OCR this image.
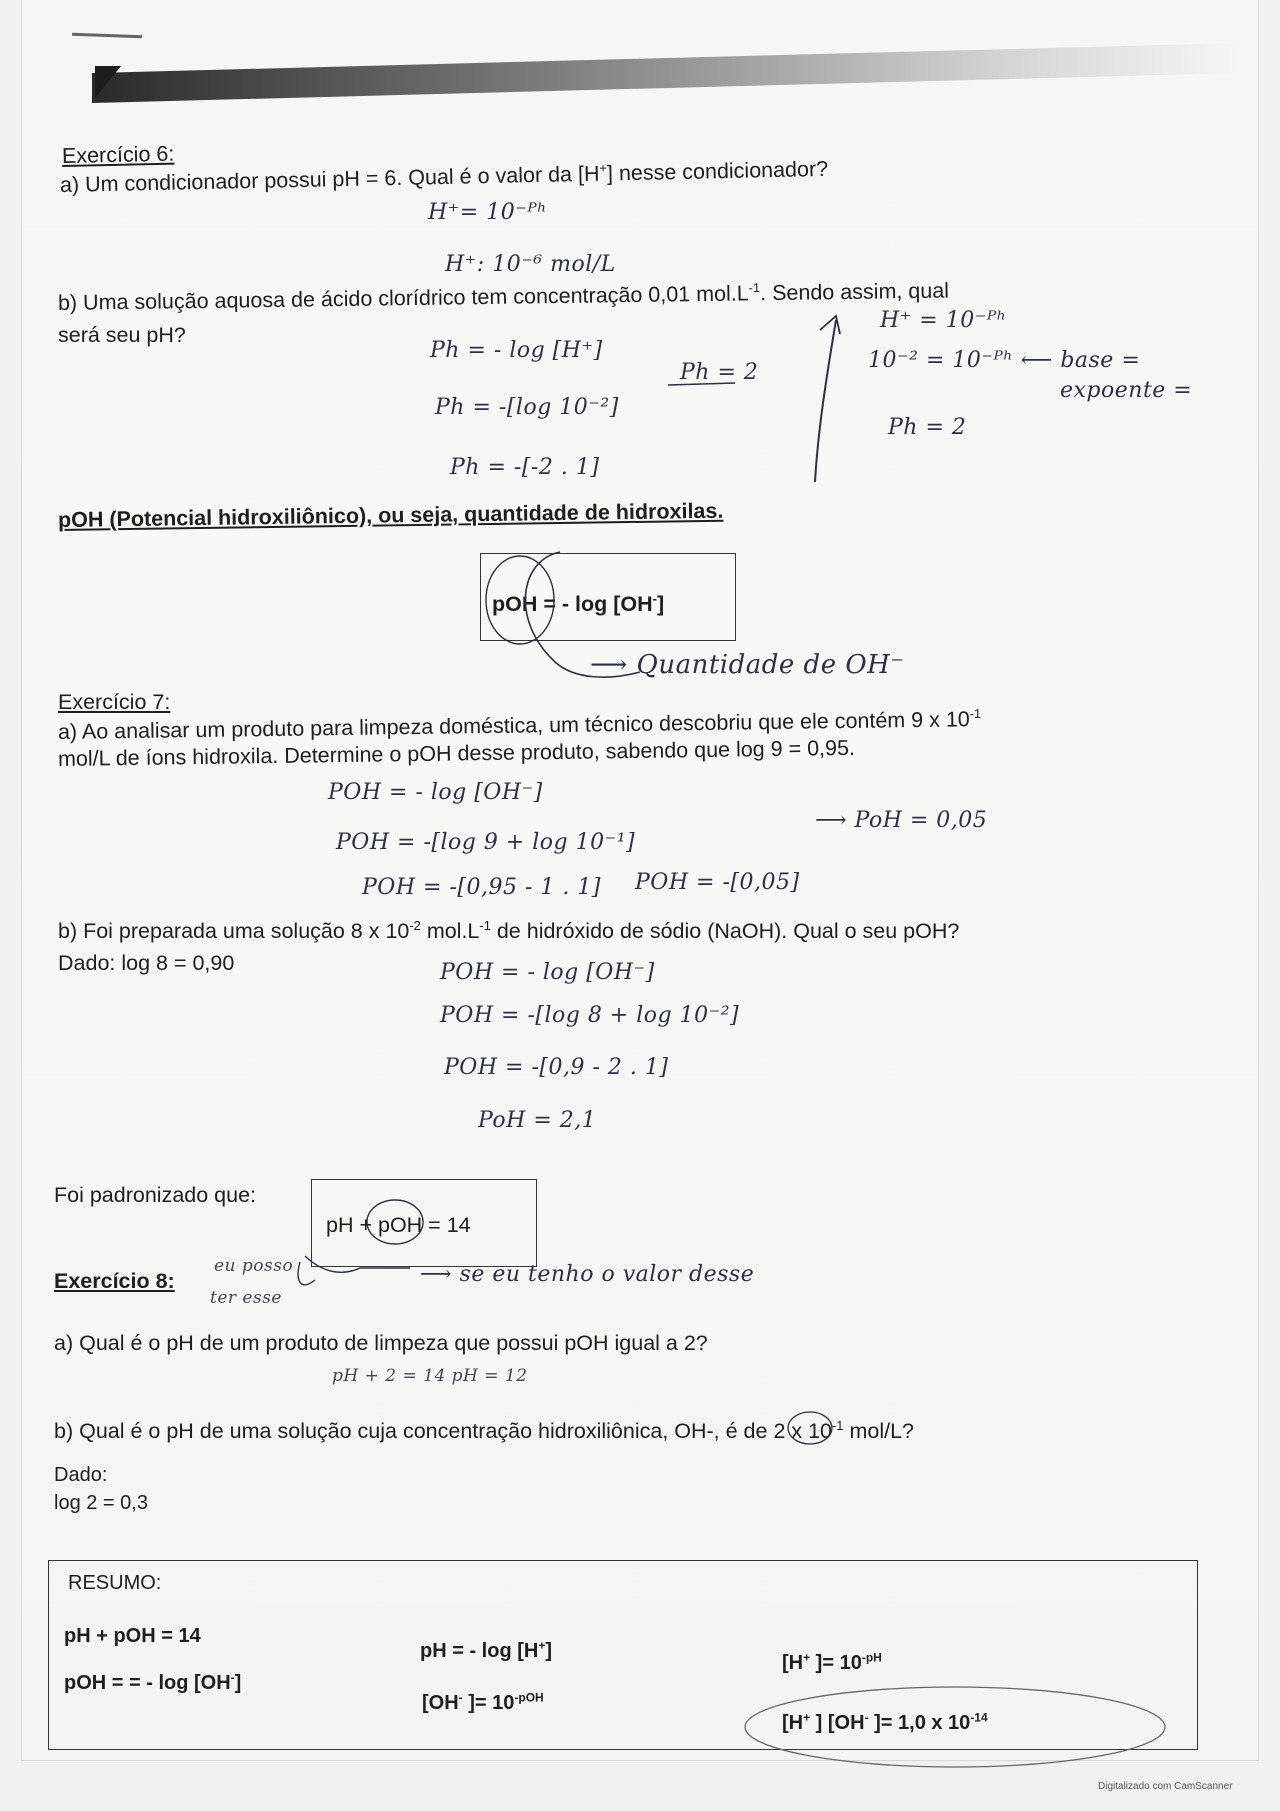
Exercício 6:
a) Um condicionador possui pH = 6. Qual é o valor da [H+] nesse condicionador?
H⁺= 10⁻ᴾʰ
H⁺: 10⁻⁶ mol/L
b) Uma solução aquosa de ácido clorídrico tem concentração 0,01 $mol.L^{-1}$. Sendo assim, qual
será seu pH?
Ph = - log [H⁺]
Ph = -[log 10⁻²]
Ph = -[-2 . 1]
Ph = 2
H⁺ = 10⁻ᴾʰ
10⁻² = 10⁻ᴾʰ ⟵ base =
expoente =
Ph = 2
pOH (Potencial hidroxiliônico), ou seja, quantidade de hidroxilas.
pOH = - log [OH-]
⟶ Quantidade de OH⁻
Exercício 7:
a) Ao analisar um produto para limpeza doméstica, um técnico descobriu que ele contém 9 x $10^{-1}$
mol/L de íons hidroxila. Determine o pOH desse produto, sabendo que log 9 = 0,95.
POH = - log [OH⁻]
POH = -[log 9 + log 10⁻¹]
POH = -[0,95 - 1 . 1] POH = -[0,05]
⟶ PoH = 0,05
b) Foi preparada uma solução 8 x $10^{-2}$ $mol.L^{-1}$ de hidróxido de sódio (NaOH). Qual o seu pOH?
Dado: log 8 = 0,90	POH = - log [OH⁻]
POH = -[log 8 + log 10⁻²]
POH = -[0,9 - 2 . 1]
PoH = 2,1
Foi padronizado que:
pH + pOH = 14
eu posso
ter esse
⟶ se eu tenho o valor desse
Exercício 8:
a) Qual é o pH de um produto de limpeza que possui pOH igual a 2?
pH + 2 = 14 pH = 12
b) Qual é o pH de uma solução cuja concentração hidroxiliônica, OH-, é de 2 x $10^{-1}$ mol/L?
Dado:
log 2 = 0,3
RESUMO:
pH + pOH = 14
pOH = = - log [OH-]
pH = - log [H+]
[OH- ]= $10^{-pOH}$
[H+ ]= $10^{-pH}$
[H+ ] [OH- ]= 1,0 x $10^{-14}$
Digitalizado com CamScanner
